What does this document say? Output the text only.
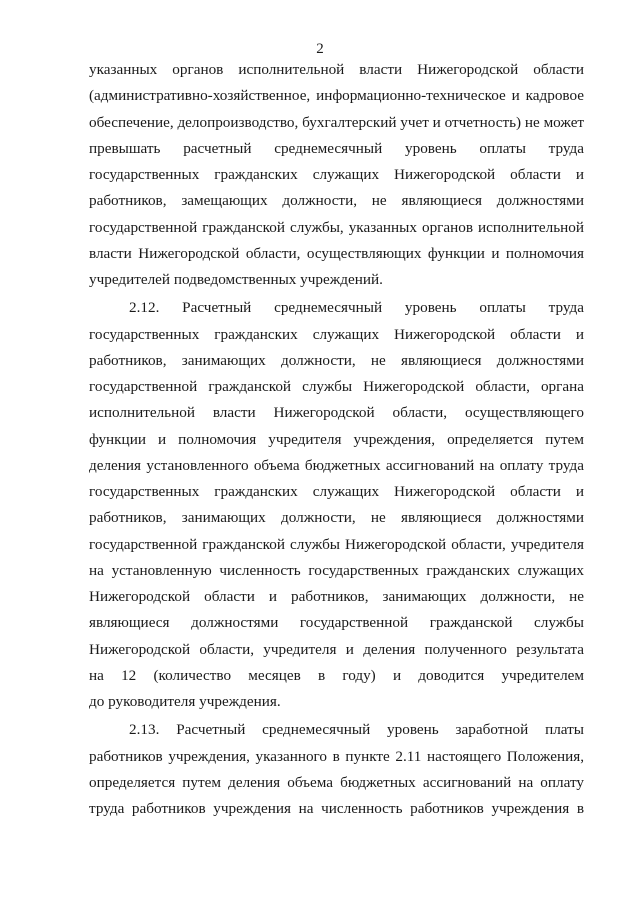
2
указанных органов исполнительной власти Нижегородской области
(административно-хозяйственное, информационно-техническое и кадровое
обеспечение, делопроизводство, бухгалтерский учет и отчетность) не может
превышать расчетный среднемесячный уровень оплаты труда
государственных гражданских служащих Нижегородской области и
работников, замещающих должности, не являющиеся должностями
государственной гражданской службы, указанных органов исполнительной
власти Нижегородской области, осуществляющих функции и полномочия
учредителей подведомственных учреждений.
2.12. Расчетный среднемесячный уровень оплаты труда
государственных гражданских служащих Нижегородской области и
работников, занимающих должности, не являющиеся должностями
государственной гражданской службы Нижегородской области, органа
исполнительной власти Нижегородской области, осуществляющего
функции и полномочия учредителя учреждения, определяется путем
деления установленного объема бюджетных ассигнований на оплату труда
государственных гражданских служащих Нижегородской области и
работников, занимающих должности, не являющиеся должностями
государственной гражданской службы Нижегородской области, учредителя
на установленную численность государственных гражданских служащих
Нижегородской области и работников, занимающих должности, не
являющиеся должностями государственной гражданской службы
Нижегородской области, учредителя и деления полученного результата
на 12 (количество месяцев в году) и доводится учредителем
до руководителя учреждения.
2.13. Расчетный среднемесячный уровень заработной платы
работников учреждения, указанного в пункте 2.11 настоящего Положения,
определяется путем деления объема бюджетных ассигнований на оплату
труда работников учреждения на численность работников учреждения в
